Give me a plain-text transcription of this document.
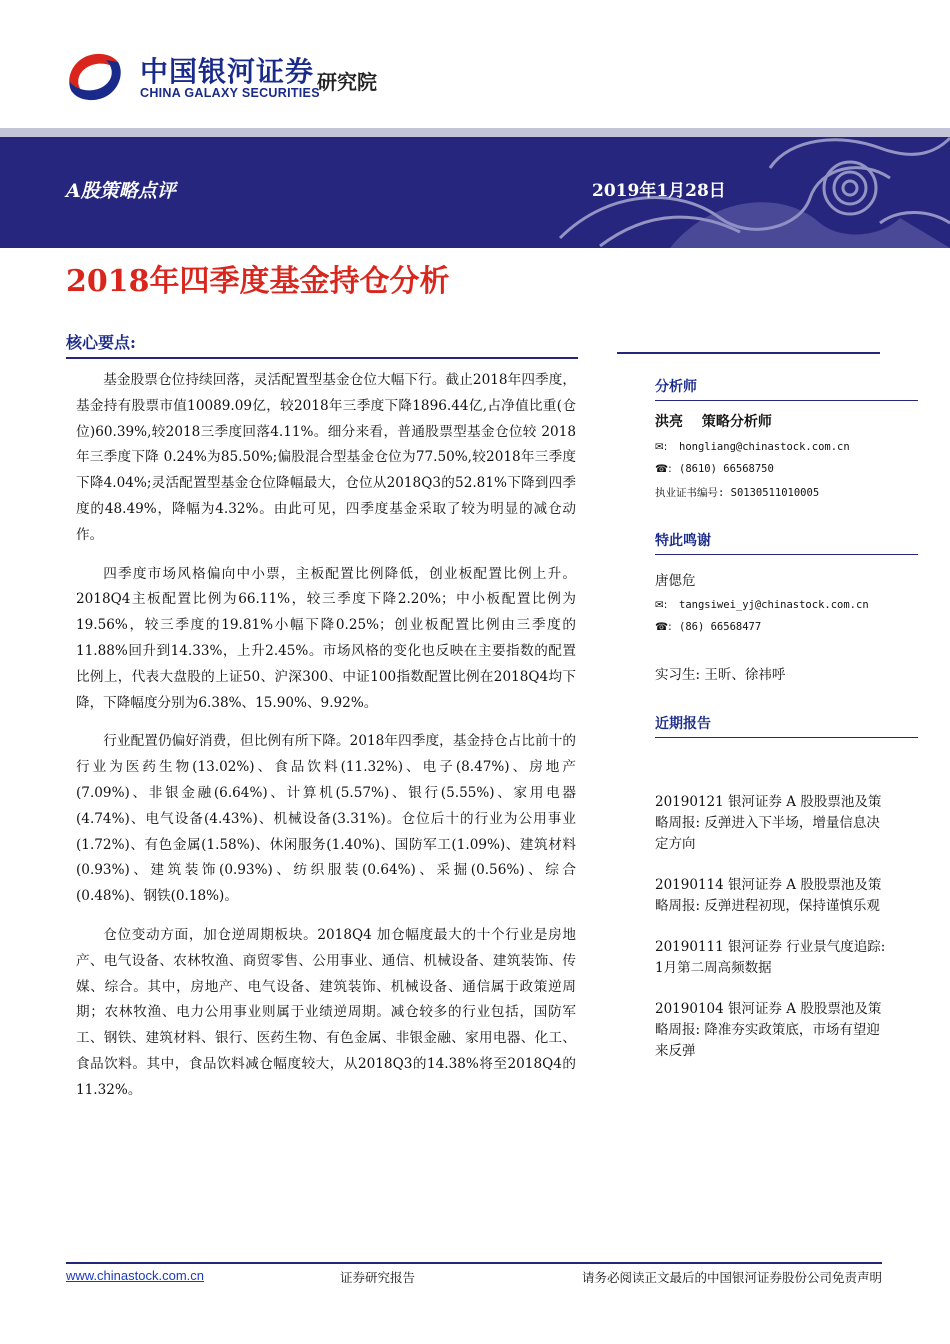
中国银河证券
CHINA GALAXY SECURITIES
研究院
A股策略点评	2019年1月28日
2018年四季度基金持仓分析
核心要点:

基金股票仓位持续回落，灵活配置型基金仓位大幅下行。截止2018年四季度，基金持有股票市值10089.09亿，较2018年三季度下降1896.44亿,占净值比重(仓位)60.39%,较2018三季度回落4.11%。细分来看，普通股票型基金仓位较 2018 年三季度下降 0.24%为85.50%;偏股混合型基金仓位为77.50%,较2018年三季度下降4.04%;灵活配置型基金仓位降幅最大，仓位从2018Q3的52.81%下降到四季度的48.49%，降幅为4.32%。由此可见，四季度基金采取了较为明显的减仓动作。

四季度市场风格偏向中小票，主板配置比例降低，创业板配置比例上升。2018Q4主板配置比例为66.11%，较三季度下降2.20%；中小板配置比例为19.56%，较三季度的19.81%小幅下降0.25%；创业板配置比例由三季度的11.88%回升到14.33%，上升2.45%。市场风格的变化也反映在主要指数的配置比例上，代表大盘股的上证50、沪深300、中证100指数配置比例在2018Q4均下降，下降幅度分别为6.38%、15.90%、9.92%。

行业配置仍偏好消费，但比例有所下降。2018年四季度，基金持仓占比前十的行业为医药生物(13.02%)、食品饮料(11.32%)、电子(8.47%)、房地产(7.09%)、非银金融(6.64%)、计算机(5.57%)、银行(5.55%)、家用电器(4.74%)、电气设备(4.43%)、机械设备(3.31%)。仓位后十的行业为公用事业(1.72%)、有色金属(1.58%)、休闲服务(1.40%)、国防军工(1.09%)、建筑材料(0.93%)、建筑装饰(0.93%)、纺织服装(0.64%)、采掘(0.56%)、综合(0.48%)、钢铁(0.18%)。

仓位变动方面，加仓逆周期板块。2018Q4 加仓幅度最大的十个行业是房地产、电气设备、农林牧渔、商贸零售、公用事业、通信、机械设备、建筑装饰、传媒、综合。其中，房地产、电气设备、建筑装饰、机械设备、通信属于政策逆周期；农林牧渔、电力公用事业则属于业绩逆周期。减仓较多的行业包括，国防军工、钢铁、建筑材料、银行、医药生物、有色金属、非银金融、家用电器、化工、食品饮料。其中，食品饮料减仓幅度较大，从2018Q3的14.38%将至2018Q4的11.32%。

分析师
洪亮 策略分析师
✉: hongliang@chinastock.com.cn
☎: (8610) 66568750
执业证书编号: S0130511010005
特此鸣谢
唐偲危
✉: tangsiwei_yj@chinastock.com.cn
☎: (86) 66568477
实习生: 王昕、徐祎呼
近期报告
20190121 银河证券 A 股股票池及策略周报: 反弹进入下半场，增量信息决定方向
20190114 银河证券 A 股股票池及策略周报: 反弹进程初现，保持谨慎乐观
20190111 银河证券 行业景气度追踪: 1月第二周高频数据
20190104 银河证券 A 股股票池及策略周报: 降准夯实政策底，市场有望迎来反弹
www.chinastock.com.cn	证券研究报告	请务必阅读正文最后的中国银河证券股份公司免责声明
